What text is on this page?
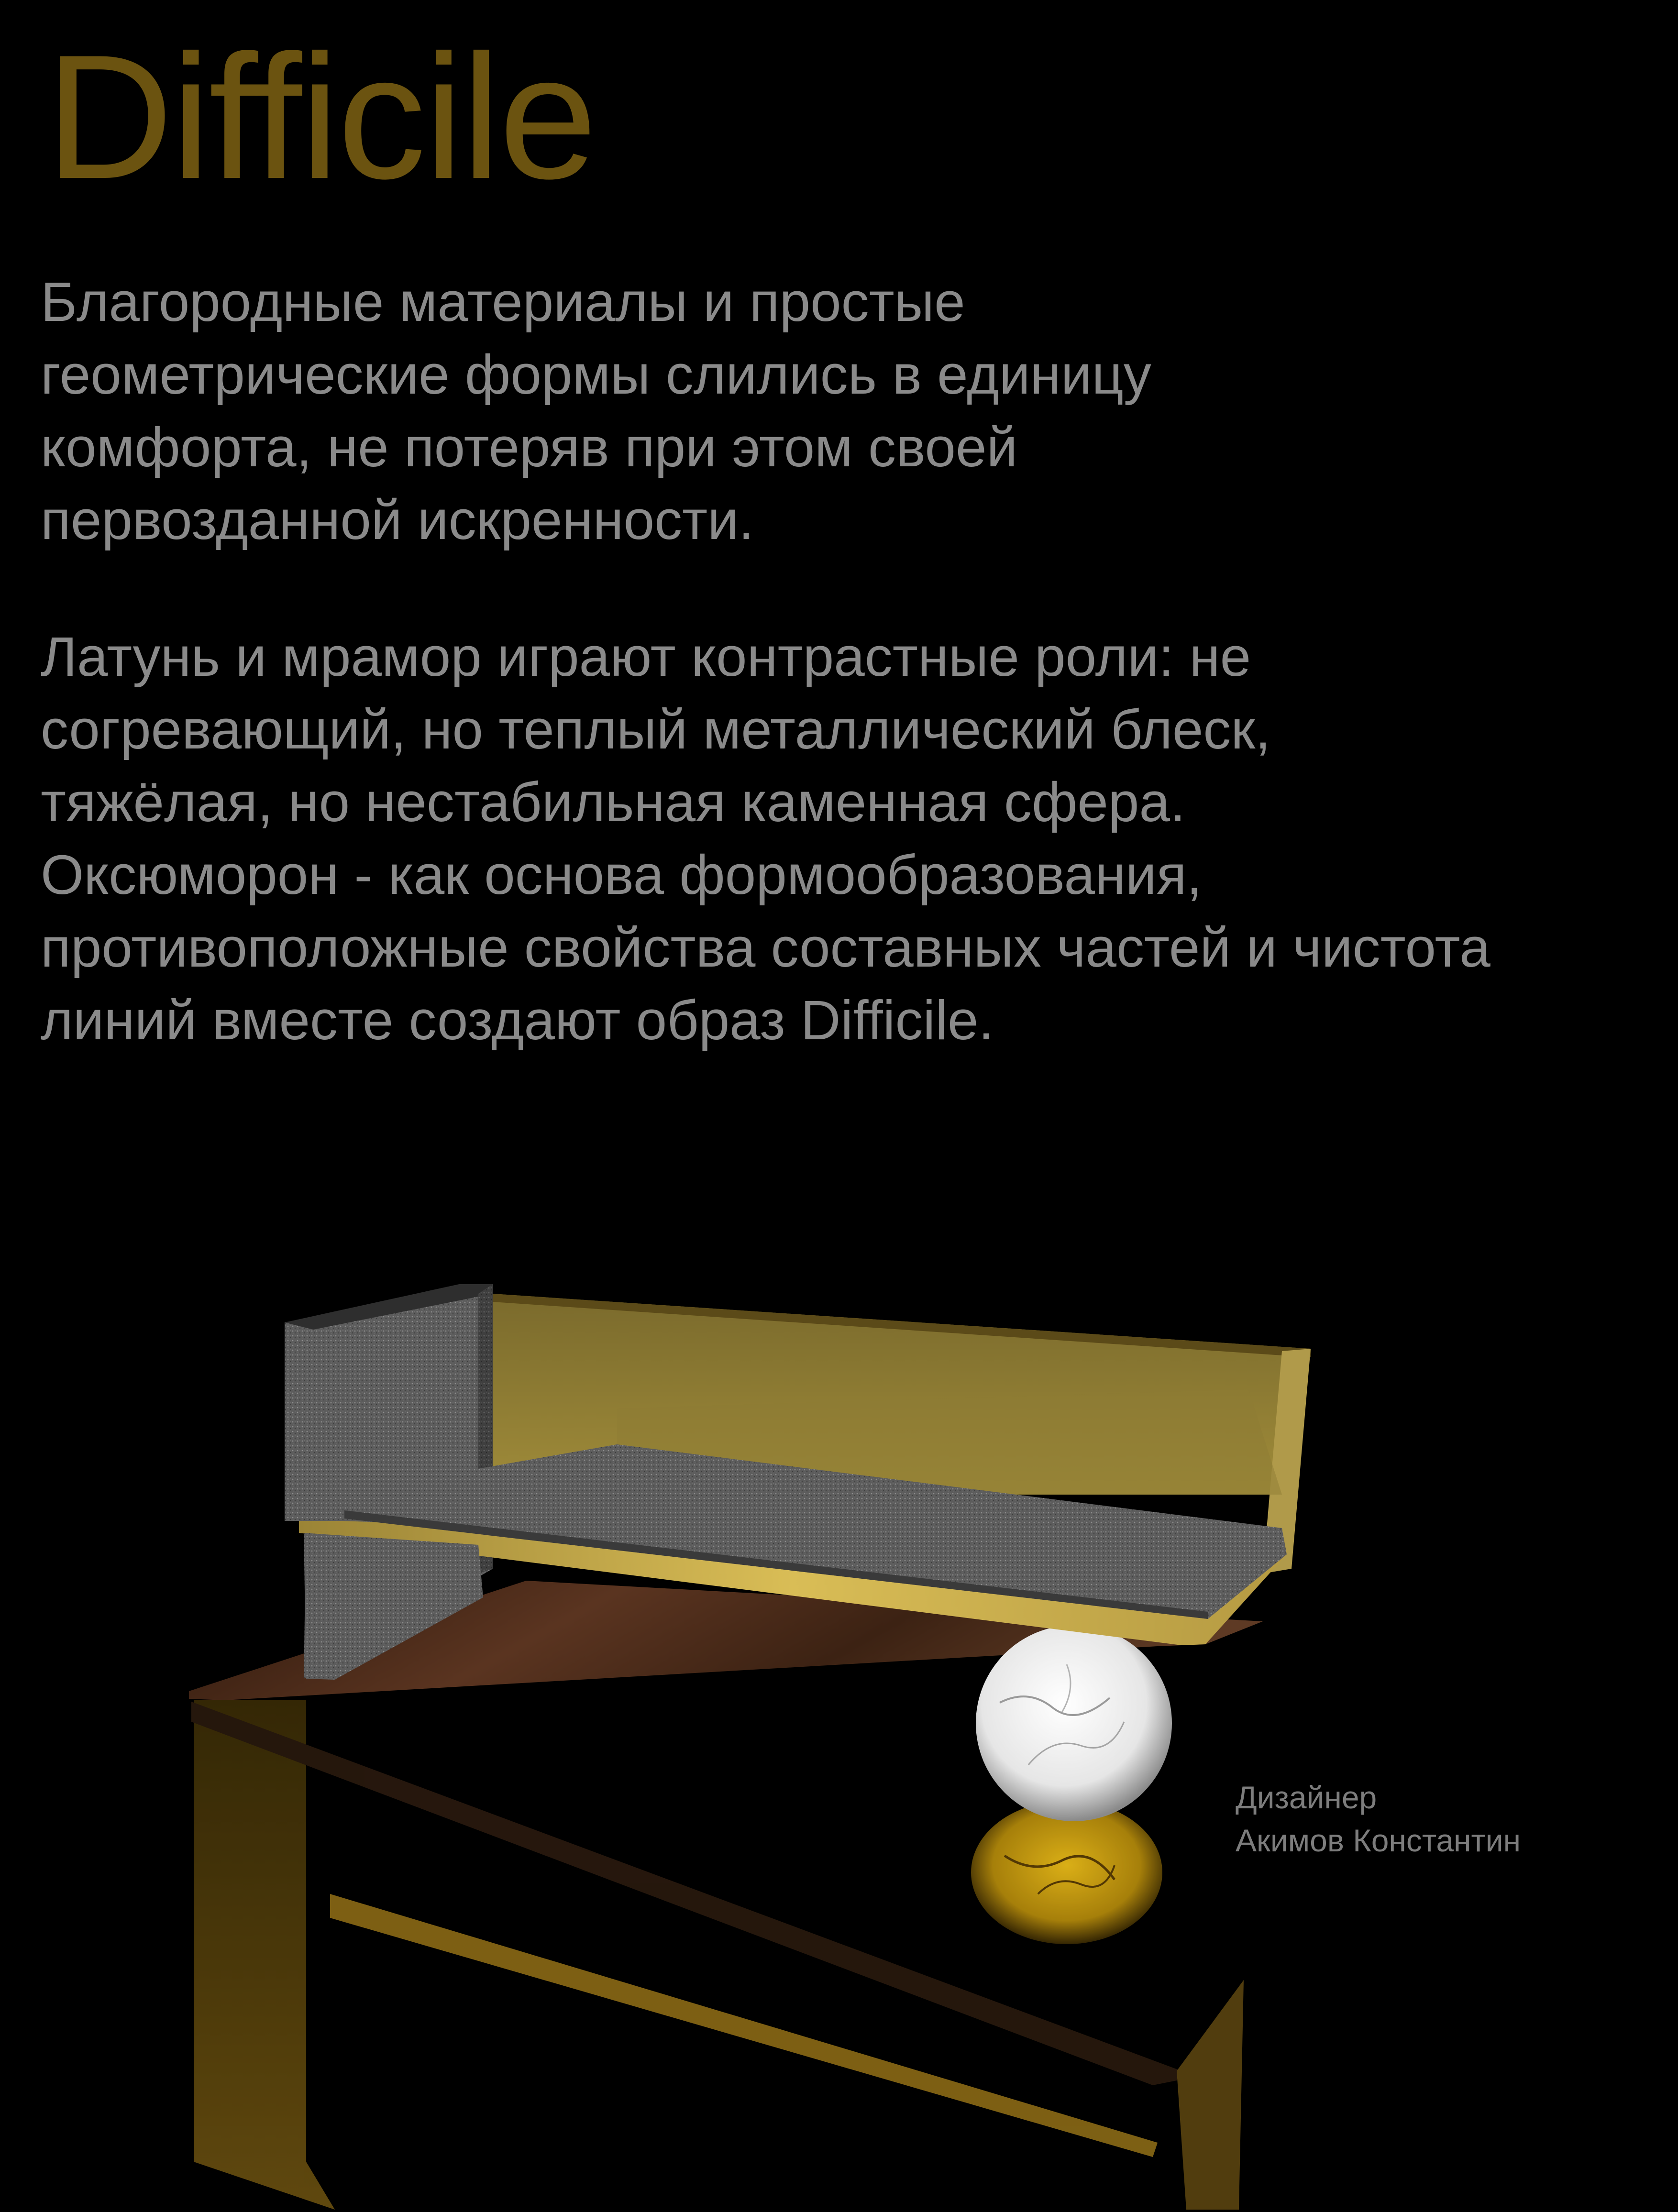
Difficile
Благородные материалы и простые
геометрические формы слились в единицу
комфорта, не потеряв при этом своей
первозданной искренности.
Латунь и мрамор играют контрастные роли: не
согревающий, но теплый металлический блеск,
тяжёлая, но нестабильная каменная сфера.
Оксюморон - как основа формообразования,
противоположные свойства составных частей и чистота
линий вместе создают образ Difficile.
Дизайнер
Акимов Константин
